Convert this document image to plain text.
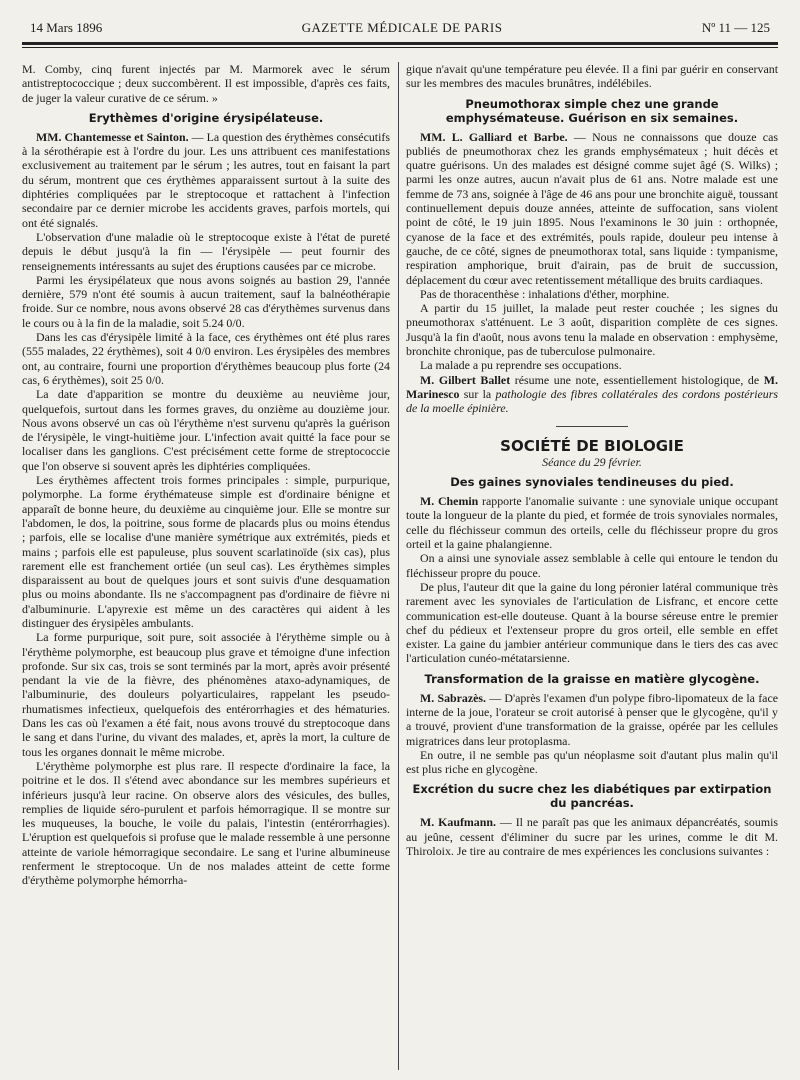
14 Mars 1896	GAZETTE MÉDICALE DE PARIS	Nº 11 — 125

M. Comby, cinq furent injectés par M. Marmorek avec le sérum antistreptococcique ; deux succombèrent. Il est impossible, d'après ces faits, de juger la valeur curative de ce sérum. »

Erythèmes d'origine érysipélateuse.

MM. Chantemesse et Sainton. — La question des érythèmes consécutifs à la sérothérapie est à l'ordre du jour. Les uns attribuent ces manifestations exclusivement au traitement par le sérum ; les autres, tout en faisant la part du sérum, montrent que ces érythèmes apparaissent surtout à la suite des diphtéries compliquées par le streptocoque et rattachent à l'infection secondaire par ce dernier microbe les accidents graves, parfois mortels, qui ont été signalés.

L'observation d'une maladie où le streptocoque existe à l'état de pureté depuis le début jusqu'à la fin — l'érysipèle — peut fournir des renseignements intéressants au sujet des éruptions causées par ce microbe.

Parmi les érysipélateux que nous avons soignés au bastion 29, l'année dernière, 579 n'ont été soumis à aucun traitement, sauf la balnéothérapie froide. Sur ce nombre, nous avons observé 28 cas d'érythèmes survenus dans le cours ou à la fin de la maladie, soit 5.24 0/0.

Dans les cas d'érysipèle limité à la face, ces érythèmes ont été plus rares (555 malades, 22 érythèmes), soit 4 0/0 environ. Les érysipèles des membres ont, au contraire, fourni une proportion d'érythèmes beaucoup plus forte (24 cas, 6 érythèmes), soit 25 0/0.

La date d'apparition se montre du deuxième au neuvième jour, quelquefois, surtout dans les formes graves, du onzième au douzième jour. Nous avons observé un cas où l'érythème n'est survenu qu'après la guérison de l'érysipèle, le vingt-huitième jour. L'infection avait quitté la face pour se localiser dans les ganglions. C'est précisément cette forme de streptococcie que l'on observe si souvent après les diphtéries compliquées.

Les érythèmes affectent trois formes principales : simple, purpurique, polymorphe. La forme érythémateuse simple est d'ordinaire bénigne et apparaît de bonne heure, du deuxième au cinquième jour. Elle se montre sur l'abdomen, le dos, la poitrine, sous forme de placards plus ou moins étendus ; parfois, elle se localise d'une manière symétrique aux extrémités, pieds et mains ; parfois elle est papuleuse, plus souvent scarlatinoïde (six cas), plus rarement elle est franchement ortiée (un seul cas). Les érythèmes simples disparaissent au bout de quelques jours et sont suivis d'une desquamation plus ou moins abondante. Ils ne s'accompagnent pas d'ordinaire de fièvre ni d'albuminurie. L'apyrexie est même un des caractères qui aident à les distinguer des érysipèles ambulants.

La forme purpurique, soit pure, soit associée à l'érythème simple ou à l'érythème polymorphe, est beaucoup plus grave et témoigne d'une infection profonde. Sur six cas, trois se sont terminés par la mort, après avoir présenté pendant la vie de la fièvre, des phénomènes ataxo-adynamiques, de l'albuminurie, des douleurs polyarticulaires, rappelant les pseudo-rhumatismes infectieux, quelquefois des entérorrhagies et des hématuries. Dans les cas où l'examen a été fait, nous avons trouvé du streptocoque dans le sang et dans l'urine, du vivant des malades, et, après la mort, la culture de tous les organes donnait le même microbe.

L'érythème polymorphe est plus rare. Il respecte d'ordinaire la face, la poitrine et le dos. Il s'étend avec abondance sur les membres supérieurs et inférieurs jusqu'à leur racine. On observe alors des vésicules, des bulles, remplies de liquide séro-purulent et parfois hémorragique. Il se montre sur les muqueuses, la bouche, le voile du palais, l'intestin (entérorrhagies). L'éruption est quelquefois si profuse que le malade ressemble à une personne atteinte de variole hémorragique secondaire. Le sang et l'urine albumineuse renferment le streptocoque. Un de nos malades atteint de cette forme d'érythème polymorphe hémorrha-

gique n'avait qu'une température peu élevée. Il a fini par guérir en conservant sur les membres des macules brunâtres, indélébiles.

Pneumothorax simple chez une grande emphysémateuse. Guérison en six semaines.

MM. L. Galliard et Barbe. — Nous ne connaissons que douze cas publiés de pneumothorax chez les grands emphysémateux ; huit décès et quatre guérisons. Un des malades est désigné comme sujet âgé (S. Wilks) ; parmi les onze autres, aucun n'avait plus de 61 ans. Notre malade est une femme de 73 ans, soignée à l'âge de 46 ans pour une bronchite aiguë, toussant continuellement depuis douze années, atteinte de suffocation, sans violent point de côté, le 19 juin 1895. Nous l'examinons le 30 juin : orthopnée, cyanose de la face et des extrémités, pouls rapide, douleur peu intense à gauche, de ce côté, signes de pneumothorax total, sans liquide : tympanisme, respiration amphorique, bruit d'airain, pas de bruit de succussion, déplacement du cœur avec retentissement métallique des bruits cardiaques.

Pas de thoracenthèse : inhalations d'éther, morphine.

A partir du 15 juillet, la malade peut rester couchée ; les signes du pneumothorax s'atténuent. Le 3 août, disparition complète de ces signes. Jusqu'à la fin d'août, nous avons tenu la malade en observation : emphysème, bronchite chronique, pas de tuberculose pulmonaire.

La malade a pu reprendre ses occupations.

M. Gilbert Ballet résume une note, essentiellement histologique, de M. Marinesco sur la pathologie des fibres collatérales des cordons postérieurs de la moelle épinière.

SOCIÉTÉ DE BIOLOGIE
Séance du 29 février.
Des gaines synoviales tendineuses du pied.

M. Chemin rapporte l'anomalie suivante : une synoviale unique occupant toute la longueur de la plante du pied, et formée de trois synoviales normales, celle du fléchisseur commun des orteils, celle du fléchisseur propre du gros orteil et la gaine phalangienne.

On a ainsi une synoviale assez semblable à celle qui entoure le tendon du fléchisseur propre du pouce.

De plus, l'auteur dit que la gaine du long péronier latéral communique très rarement avec les synoviales de l'articulation de Lisfranc, et encore cette communication est-elle douteuse. Quant à la bourse séreuse entre le premier chef du pédieux et l'extenseur propre du gros orteil, elle semble en effet exister. La gaine du jambier antérieur communique dans le tiers des cas avec l'articulation cunéo-métatarsienne.

Transformation de la graisse en matière glycogène.

M. Sabrazès. — D'après l'examen d'un polype fibro-lipomateux de la face interne de la joue, l'orateur se croit autorisé à penser que le glycogène, qu'il y a trouvé, provient d'une transformation de la graisse, opérée par les cellules migratrices dans leur protoplasma.

En outre, il ne semble pas qu'un néoplasme soit d'autant plus malin qu'il est plus riche en glycogène.

Excrétion du sucre chez les diabétiques par extirpation du pancréas.

M. Kaufmann. — Il ne paraît pas que les animaux dépancréatés, soumis au jeûne, cessent d'éliminer du sucre par les urines, comme le dit M. Thiroloix. Je tire au contraire de mes expériences les conclusions suivantes :
